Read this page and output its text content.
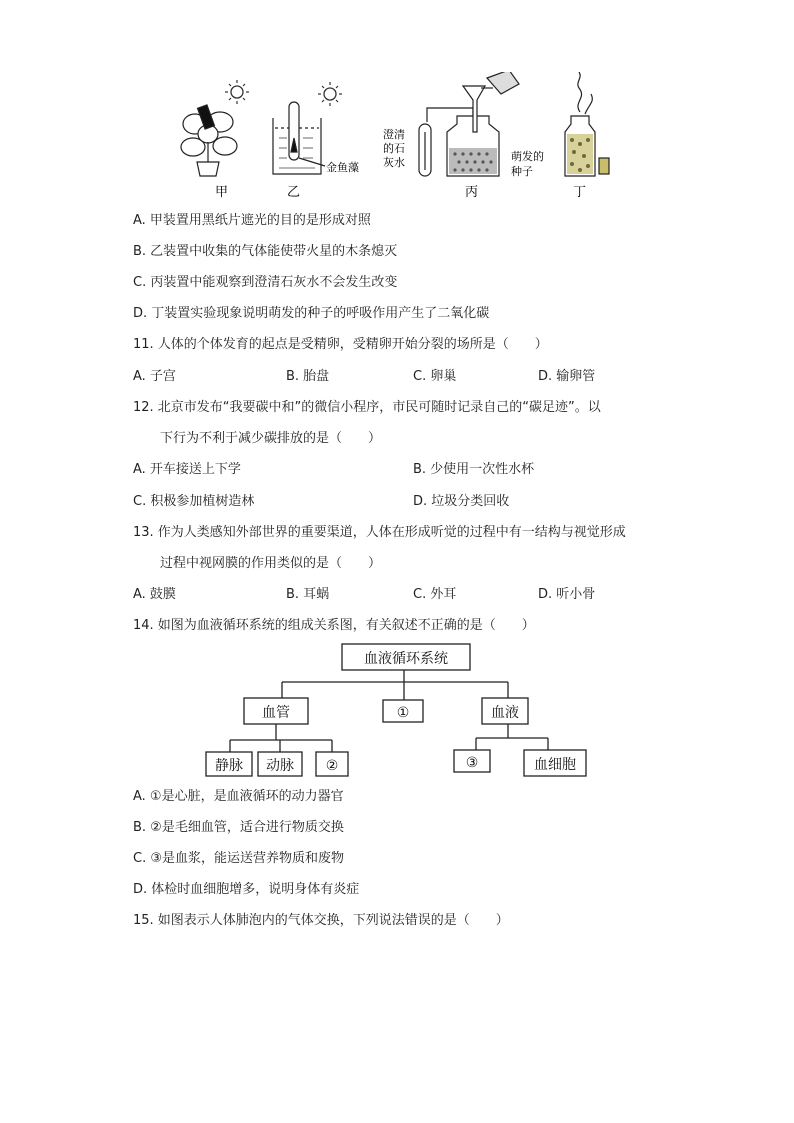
甲	乙
金鱼藻
澄清
的石
灰水
丙
萌发的
种子
丁
A. 甲装置用黑纸片遮光的目的是形成对照
B. 乙装置中收集的气体能使带火星的木条熄灭
C. 丙装置中能观察到澄清石灰水不会发生改变
D. 丁装置实验现象说明萌发的种子的呼吸作用产生了二氧化碳
11. 人体的个体发育的起点是受精卵，受精卵开始分裂的场所是（　　）
A. 子宫	B. 胎盘	C. 卵巢	D. 输卵管
12. 北京市发布“我要碳中和”的微信小程序，市民可随时记录自己的“碳足迹”。以
下行为不利于减少碳排放的是（　　）
A. 开车接送上下学	B. 少使用一次性水杯
C. 积极参加植树造林	D. 垃圾分类回收
13. 作为人类感知外部世界的重要渠道，人体在形成听觉的过程中有一结构与视觉形成
过程中视网膜的作用类似的是（　　）
A. 鼓膜	B. 耳蜗	C. 外耳	D. 听小骨
14. 如图为血液循环系统的组成关系图，有关叙述不正确的是（　　）
血液循环系统
血管	①	血液
静脉 动脉 ②	③	血细胞
A. ①是心脏，是血液循环的动力器官
B. ②是毛细血管，适合进行物质交换
C. ③是血浆，能运送营养物质和废物
D. 体检时血细胞增多，说明身体有炎症
15. 如图表示人体肺泡内的气体交换，下列说法错误的是（　　）
